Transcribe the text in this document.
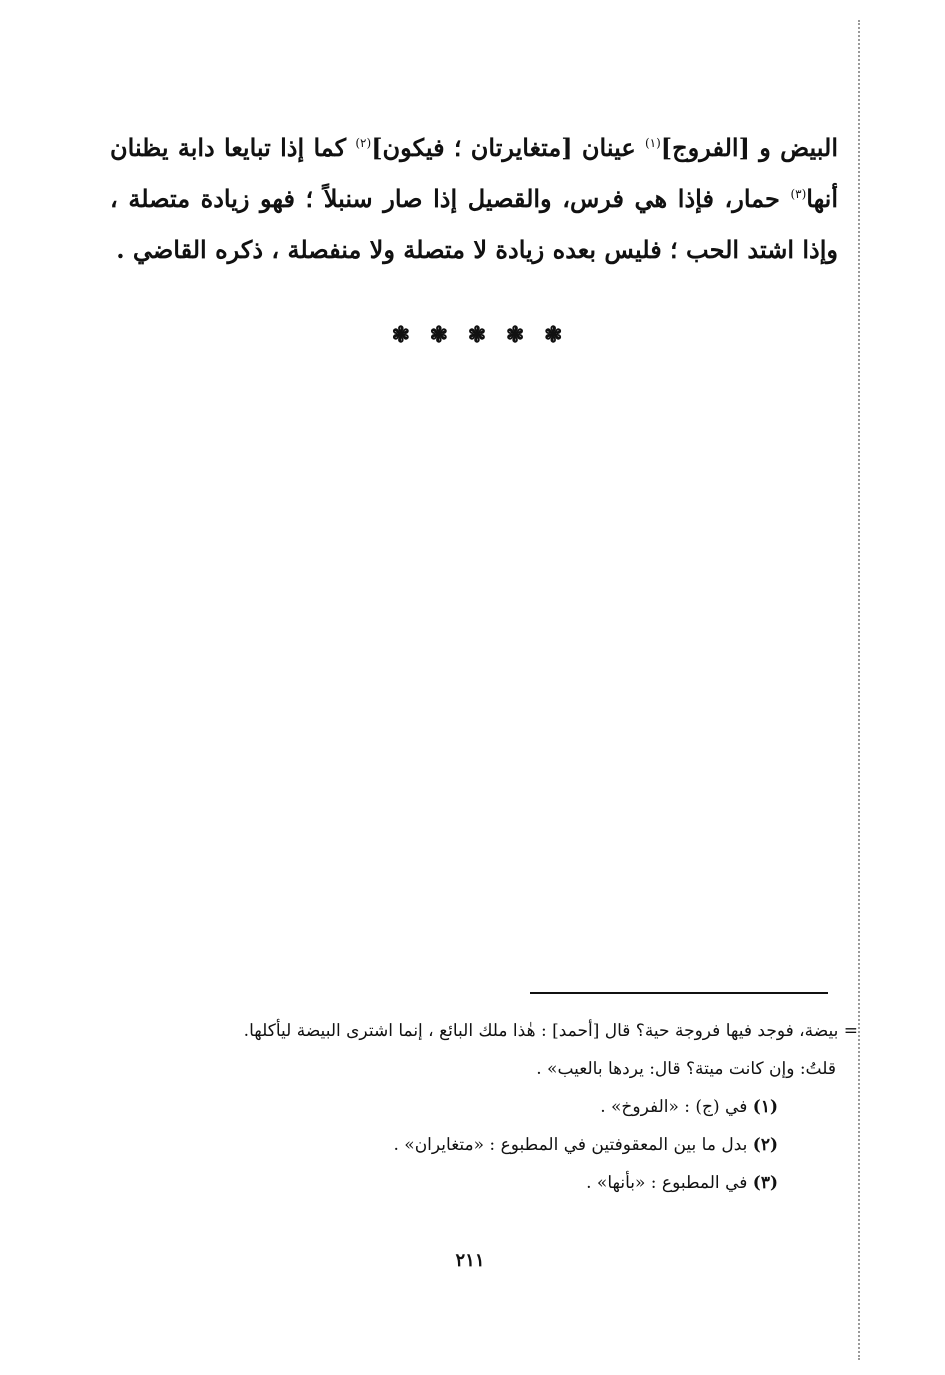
البيض و [الفروج]$^{(١)}$ عينان [متغايرتان ؛ فيكون]$^{(٢)}$ كما إذا تبايعا دابة يظنان
أنها$^{(٣)}$ حمار، فإذا هي فرس، والقصيل إذا صار سنبلاً ؛ فهو زيادة متصلة ،
وإذا اشتد الحب ؛ فليس بعده زيادة لا متصلة ولا منفصلة ، ذكره القاضي .
❃ ❃ ❃ ❃ ❃
= بيضة، فوجد فيها فروجة حية؟ قال [أحمد] : هٰذا ملك البائع ، إنما اشترى البيضة ليأكلها.
قلتُ: وإن كانت ميتة؟ قال: يردها بالعيب» .
(١) في (ج) : «الفروخ» .
(٢) بدل ما بين المعقوفتين في المطبوع : «متغايران» .
(٣) في المطبوع : «بأنها» .
٢١١
